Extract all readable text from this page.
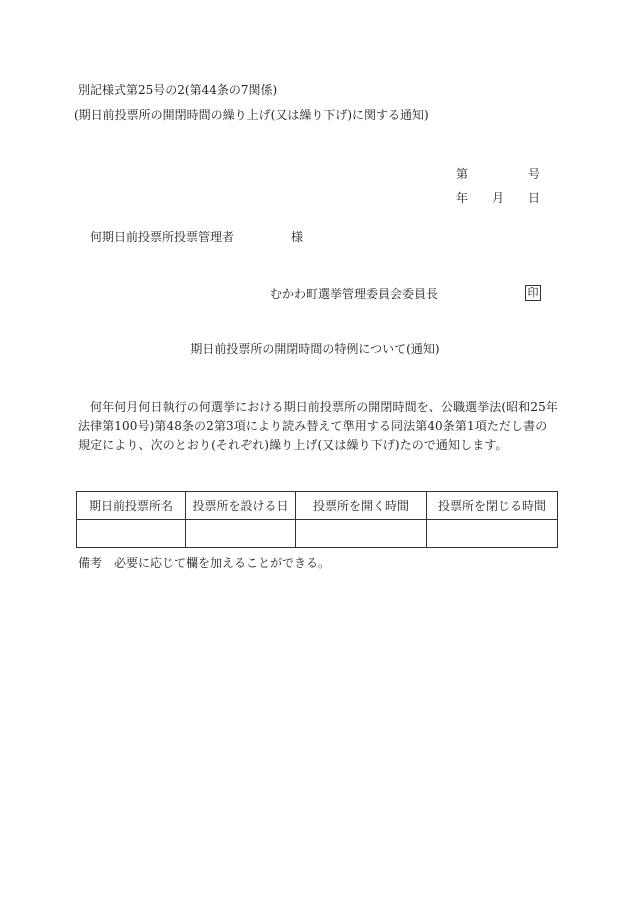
別記様式第25号の2(第44条の7関係)
(期日前投票所の開閉時間の繰り上げ(又は繰り下げ)に関する通知)
第	号
年 月 日
何期日前投票所投票管理者	様
むかわ町選挙管理委員会委員長	印
期日前投票所の開閉時間の特例について(通知)
何年何月何日執行の何選挙における期日前投票所の開閉時間を、公職選挙法(昭和25年法律第100号)第48条の2第3項により読み替えて準用する同法第40条第1項ただし書の規定により、次のとおり(それぞれ)繰り上げ(又は繰り下げ)たので通知します。
期日前投票所名	投票所を設ける日	投票所を開く時間	投票所を閉じる時間

備考　必要に応じて欄を加えることができる。
